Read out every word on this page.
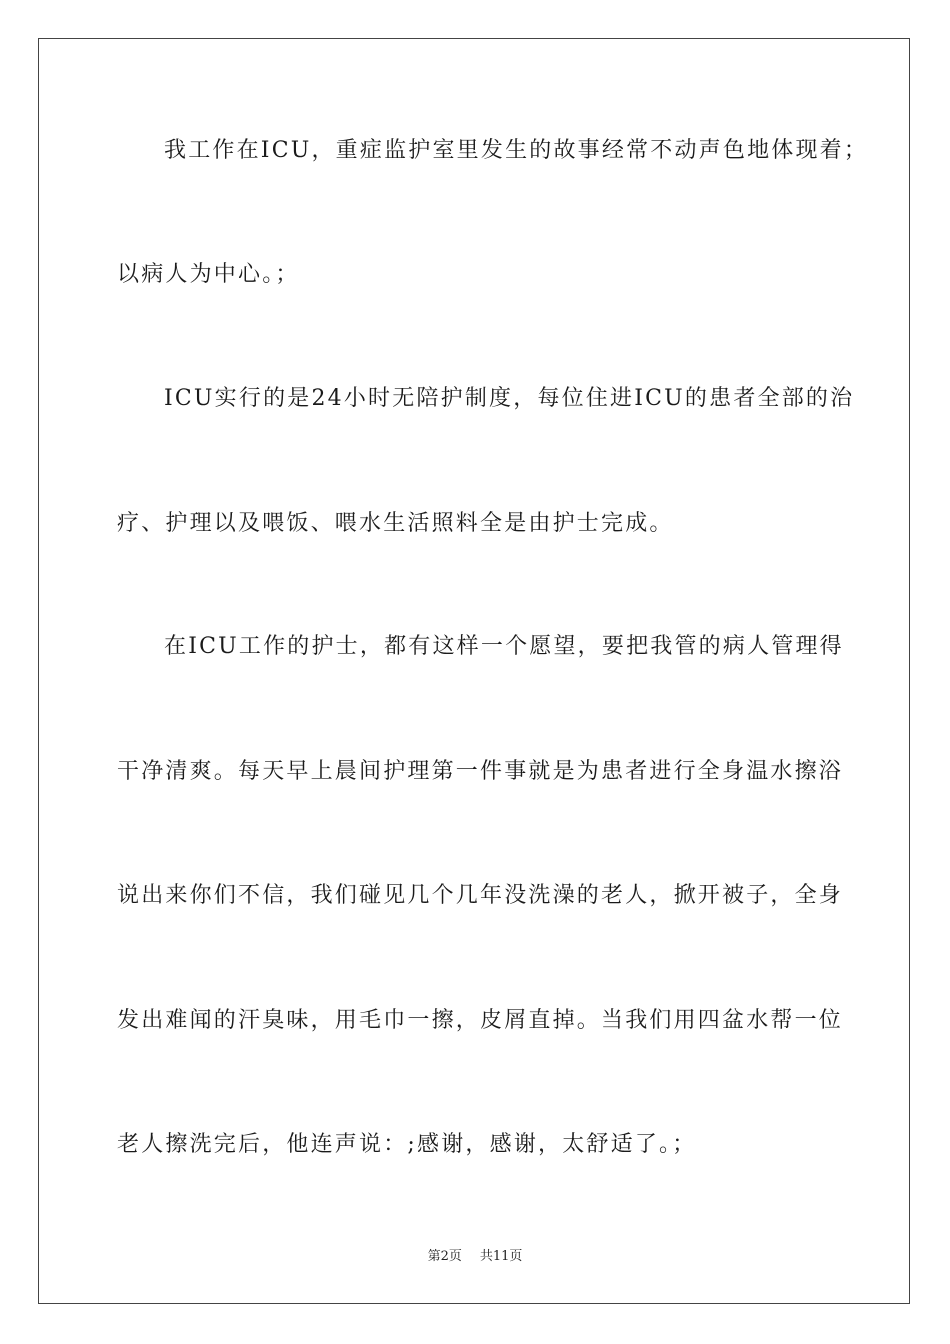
我工作在ICU，重症监护室里发生的故事经常不动声色地体现着；
以病人为中心。；
ICU实行的是24小时无陪护制度，每位住进ICU的患者全部的治
疗、护理以及喂饭、喂水生活照料全是由护士完成。
在ICU工作的护士，都有这样一个愿望，要把我管的病人管理得
干净清爽。每天早上晨间护理第一件事就是为患者进行全身温水擦浴
说出来你们不信，我们碰见几个几年没洗澡的老人，掀开被子，全身
发出难闻的汗臭味，用毛巾一擦，皮屑直掉。当我们用四盆水帮一位
老人擦洗完后，他连声说：;感谢，感谢，太舒适了。；
第2页 共11页
